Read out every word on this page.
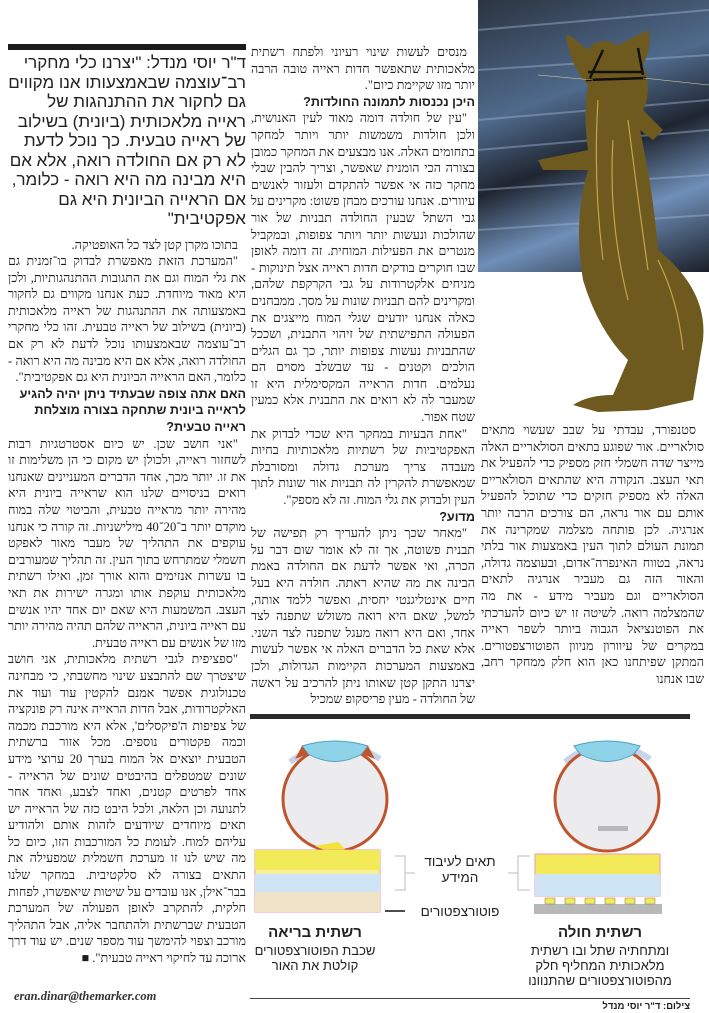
ד"ר יוסי מנדל: "יצרנו כלי מחקרי רב־עוצמה שבאמצעותו אנו מקווים גם לחקור את ההתנהגות של ראייה מלאכותית (ביונית) בשילוב של ראייה טבעית. כך נוכל לדעת לא רק אם החולדה רואה, אלא אם היא מבינה מה היא רואה - כלומר, אם הראייה הביונית היא גם אפקטיבית"

בתוכו מקרן קטן לצד כל האופטיקה.

"המערכת הזאת מאפשרת לבדוק בו־זמנית גם את גלי המוח וגם את התגובות ההתנהגותיות, ולכן היא מאוד מיוחדת. כעת אנחנו מקווים גם לחקור באמצעותה את ההתנהגות של ראייה מלאכותית (ביונית) בשילוב של ראייה טבעית. זהו כלי מחקרי רב־עוצמה שבאמצעותו נוכל לדעת לא רק אם החולדה רואה, אלא אם היא מבינה מה היא רואה - כלומר, האם הראייה הביונית היא גם אפקטיבית".

האם אתה צופה שבעתיד ניתן יהיה להגיע לראייה ביונית שתחקה בצורה מוצלחת ראייה טבעית?

"אני חושב שכן. יש כיום אסטרטגיות רבות לשחזור ראייה, ולכולן יש מקום כי הן משלימות זו את זו. יותר מכך, אחד הדברים המעניינים שאנחנו רואים בניסויים שלנו הוא שראייה ביונית היא מהירה יותר מראייה טבעית, והביטוי שלה במוח מוקדם יותר ב־20־40 מילישניות. זה קורה כי אנחנו עוקפים את התהליך של מעבר מאור לאפקט חשמלי שמתרחש בתוך העין. זה תהליך שמעורבים בו עשרות אנזימים והוא אורך זמן, ואילו רשתית מלאכותית עוקפת אותו ומגרה ישירות את תאי העצב. המשמעות היא שאם יום אחד יהיו אנשים עם ראייה ביונית, הראייה שלהם תהיה מהירה יותר מזו של אנשים עם ראייה טבעית.

"ספציפית לגבי רשתית מלאכותית, אני חושב שיצטרך שם להתבצע שינוי מחשבתי, כי מבחינה טכנולוגית אפשר אמנם להקטין עוד ועוד את האלקטרודות, אבל חדות הראייה אינה רק פונקציה של צפיפות ה'פיקסלים', אלא היא מורכבת מכמה וכמה פקטורים נוספים. מכל אזור ברשתית הטבעית יוצאים אל המוח בערך 20 ערוצי מידע שונים שמטפלים בהיבטים שונים של הראייה - אחד לפרטים קטנים, ואחד לצבע, ואחד אחר לתנועה וכן הלאה, ולכל היבט כזה של הראייה יש תאים מיוחדים שיודעים לזהות אותם ולהודיע עליהם למוח. לעומת כל המורכבות הזו, כיום כל מה שיש לנו זו מערכת חשמלית שמפעילה את התאים בצורה לא סלקטיבית. במחקר שלנו בבר־אילן, אנו עובדים על שיטות שיאפשרו, לפחות חלקית, להתקרב לאופן הפעולה של המערכת הטבעית שברשתית ולהתחבר אליה, אבל התהליך מורכב וצפוי להימשך עוד מספר שנים. יש עוד דרך ארוכה עד לחיקוי ראייה טבעית". ■

eran.dinar@themarker.com

מנסים לעשות שינוי רעיוני ולפתח רשתית מלאכותית שתאפשר חדות ראייה טובה הרבה יותר מזו שקיימת כיום".

היכן נכנסות לתמונה החולדות?

"עין של חולדה דומה מאוד לעין האנושית, ולכן חולדות משמשות יותר ויותר למחקר בתחומים האלה. אנו מבצעים את המחקר כמובן בצורה הכי הומנית שאפשר, וצריך להבין שבלי מחקר כזה אי אפשר להתקדם ולעזור לאנשים עיוורים. אנחנו עורכים מבחן פשוט: מקרינים על גבי השתל שבעין החולדה תבניות של אור שהולכות ונעשות יותר ויותר צפופות, ובמקביל מנטרים את הפעילות המוחית. זה דומה לאופן שבו חוקרים בודקים חדות ראייה אצל תינוקות - מניחים אלקטרודות על גבי הקרקפת שלהם, ומקרינים להם תבניות שונות על מסך. ממבחנים כאלה אנחנו יודעים שגלי המוח מייצגים את הפעולה התפישתית של זיהוי התבנית, ושככל שהתבניות נעשות צפופות יותר, כך גם הגלים הולכים וקטנים - עד שבשלב מסוים הם נעלמים. חדות הראייה המקסימלית היא זו שמעבר לה לא רואים את התבנית אלא כמעין שטח אפור.

"אחת הבעיות במחקר היא שכדי לבדוק את האפקטיביות של רשתיות מלאכותיות בחיות מעבדה צריך מערכת גדולה ומסורבלת שמאפשרת להקרין לה תבניות אור שונות לתוך העין ולבדוק את גלי המוח. זה לא מספק".

מדוע?

"מאחר שכך ניתן להעריך רק תפישה של תבנית פשוטה, אך זה לא אומר שום דבר על הכרה, ואי אפשר לדעת אם החולדה באמת הבינה את מה שהיא ראתה. חולדה היא בעל חיים אינטליגנטי יחסית, ואפשר ללמד אותה, למשל, שאם היא רואה משולש שתפנה לצד אחד, ואם היא רואה מעגל שתפנה לצד השני. אלא שאת כל הדברים האלה אי אפשר לעשות באמצעות המערכות הקיימות הגדולות, ולכן יצרנו התקן קטן שאותו ניתן להרכיב על ראשה של החולדה - מעין פריסקופ שמכיל

סטנפורד, עבדתי על שבב שעשוי מתאים סולאריים. אור שפוגע בתאים הסולאריים האלה מייצר שדה חשמלי חזק מספיק כדי להפעיל את תאי העצב. הנקודה היא שהתאים הסולאריים האלה לא מספיק חזקים כדי שתוכל להפעיל אותם עם אור נראה, הם צורכים הרבה יותר אנרגיה. לכן פותחה מצלמה שמקרינה את תמונת העולם לתוך העין באמצעות אור בלתי נראה, בטווח האינפרה־אדום, ובעוצמה גדולה, והאור הזה גם מעביר אנרגיה לתאים הסולאריים וגם מעביר מידע - את מה שהמצלמה רואה. לשיטה זו יש כיום להערכתי את הפוטנציאל הגבוה ביותר לשפר ראייה במקרים של עיוורון מניוון הפוטורצפטורים. המתקן שפיתחנו כאן הוא חלק ממחקר רחב, שבו אנחנו

תאים לעיבוד המידע
פוטורצפטורים
רשתית בריאה
שכבת הפוטורצפטורים קולטת את האור
רשתית חולה
ומתחתיה שתל ובו רשתית מלאכותית המחליף חלק מהפוטורצפטורים שהתנוונו
צילום: ד"ר יוסי מנדל
